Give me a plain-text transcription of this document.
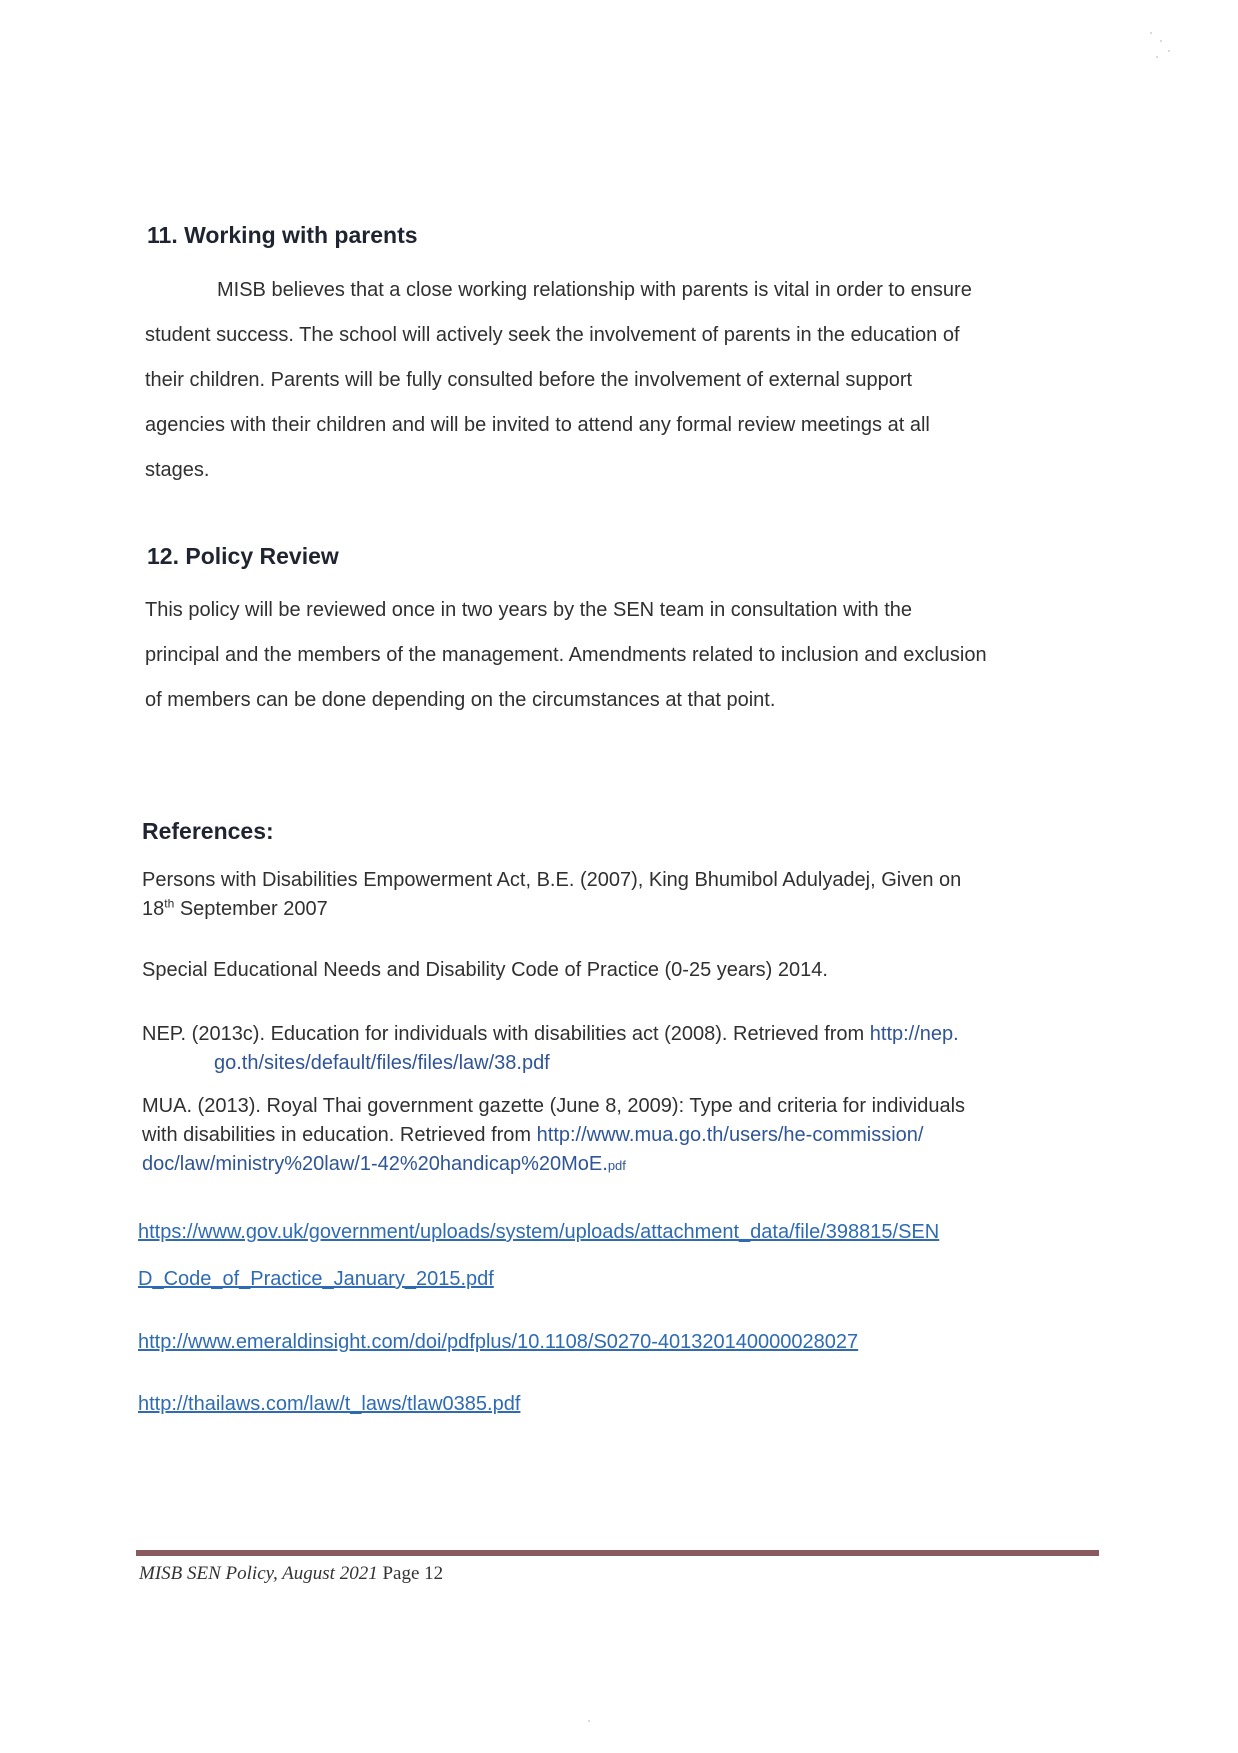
11. Working with parents
MISB believes that a close working relationship with parents is vital in order to ensure
student success. The school will actively seek the involvement of parents in the education of
their children. Parents will be fully consulted before the involvement of external support
agencies with their children and will be invited to attend any formal review meetings at all
stages.
12. Policy Review
This policy will be reviewed once in two years by the SEN team in consultation with the
principal and the members of the management. Amendments related to inclusion and exclusion
of members can be done depending on the circumstances at that point.
References:
Persons with Disabilities Empowerment Act, B.E. (2007), King Bhumibol Adulyadej, Given on
18th September 2007
Special Educational Needs and Disability Code of Practice (0-25 years) 2014.
NEP. (2013c). Education for individuals with disabilities act (2008). Retrieved from http://nep.
go.th/sites/default/files/files/law/38.pdf
MUA. (2013). Royal Thai government gazette (June 8, 2009): Type and criteria for individuals
with disabilities in education. Retrieved from http://www.mua.go.th/users/he-commission/
doc/law/ministry%20law/1-42%20handicap%20MoE.pdf
https://www.gov.uk/government/uploads/system/uploads/attachment_data/file/398815/SEN
D_Code_of_Practice_January_2015.pdf
http://www.emeraldinsight.com/doi/pdfplus/10.1108/S0270-401320140000028027
http://thailaws.com/law/t_laws/tlaw0385.pdf

MISB SEN Policy, August 2021 Page 12
